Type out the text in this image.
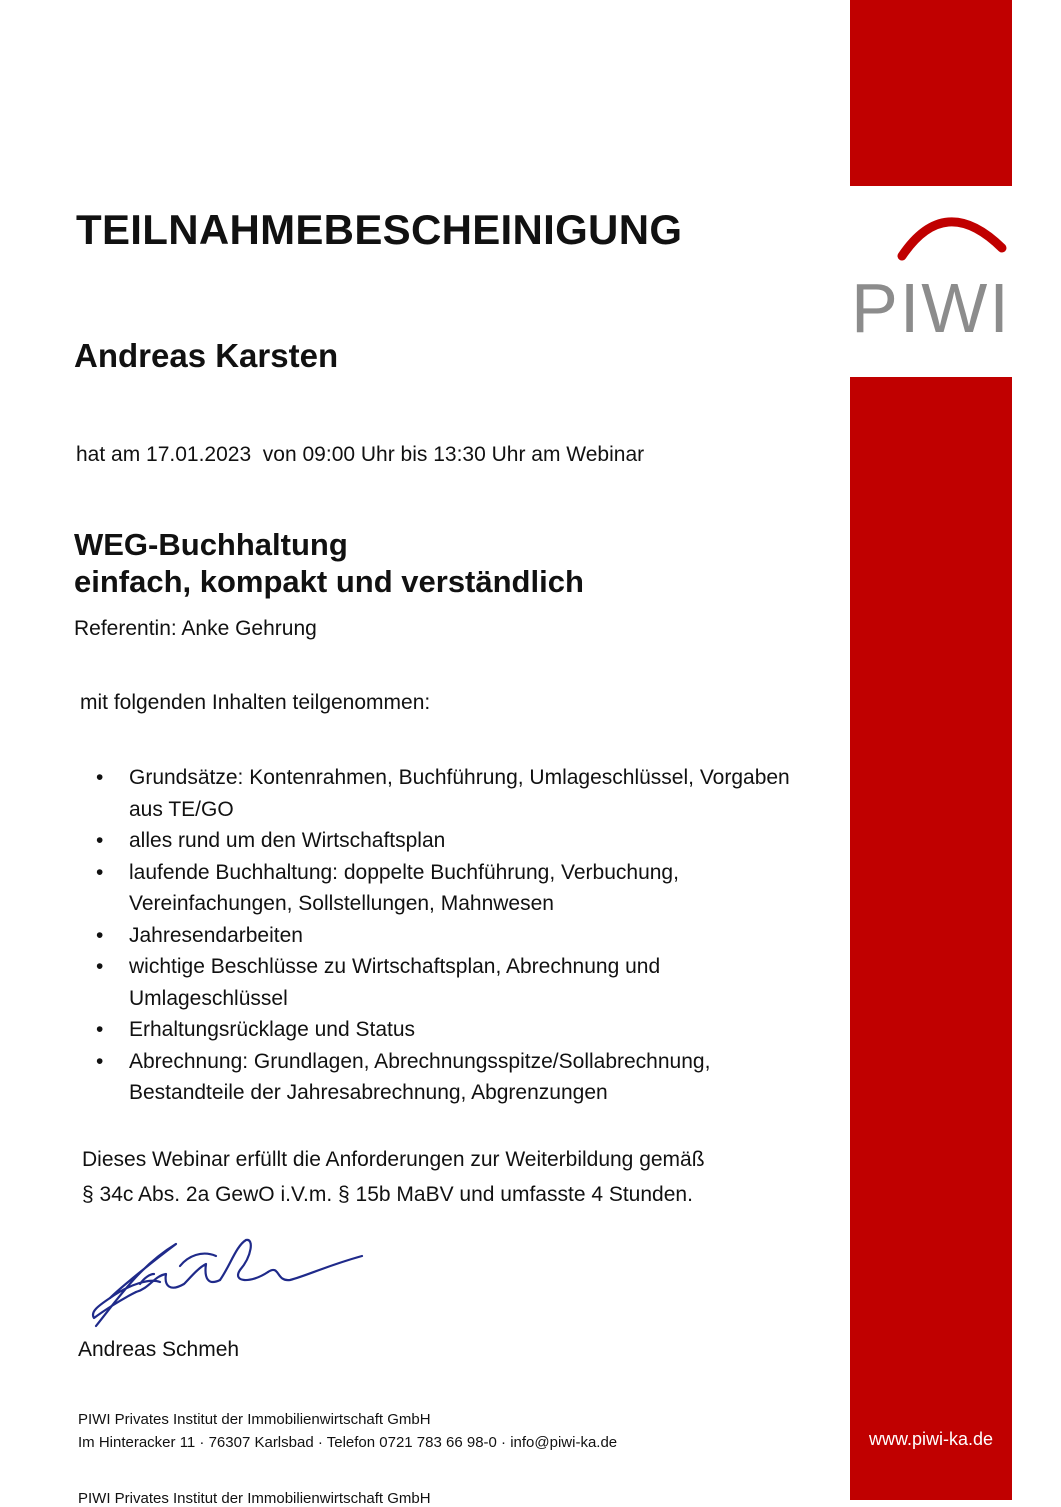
PIWI
www.piwi-ka.de
TEILNAHMEBESCHEINIGUNG
Andreas Karsten
hat am 17.01.2023  von 09:00 Uhr bis 13:30 Uhr am Webinar
WEG-Buchhaltung
einfach, kompakt und verständlich
Referentin: Anke Gehrung
mit folgenden Inhalten teilgenommen:
• Grundsätze: Kontenrahmen, Buchführung, Umlageschlüssel, Vorgaben aus TE/GO
• alles rund um den Wirtschaftsplan
• laufende Buchhaltung: doppelte Buchführung, Verbuchung, Vereinfachungen, Sollstellungen, Mahnwesen
• Jahresendarbeiten
• wichtige Beschlüsse zu Wirtschaftsplan, Abrechnung und Umlageschlüssel
• Erhaltungsrücklage und Status
• Abrechnung: Grundlagen, Abrechnungsspitze/Sollabrechnung, Bestandteile der Jahresabrechnung, Abgrenzungen
Dieses Webinar erfüllt die Anforderungen zur Weiterbildung gemäß
§ 34c Abs. 2a GewO i.V.m. § 15b MaBV und umfasste 4 Stunden.
Andreas Schmeh
PIWI Privates Institut der Immobilienwirtschaft GmbH
Im Hinteracker 11 · 76307 Karlsbad · Telefon 0721 783 66 98-0 · info@piwi-ka.de
PIWI Privates Institut der Immobilienwirtschaft GmbH
